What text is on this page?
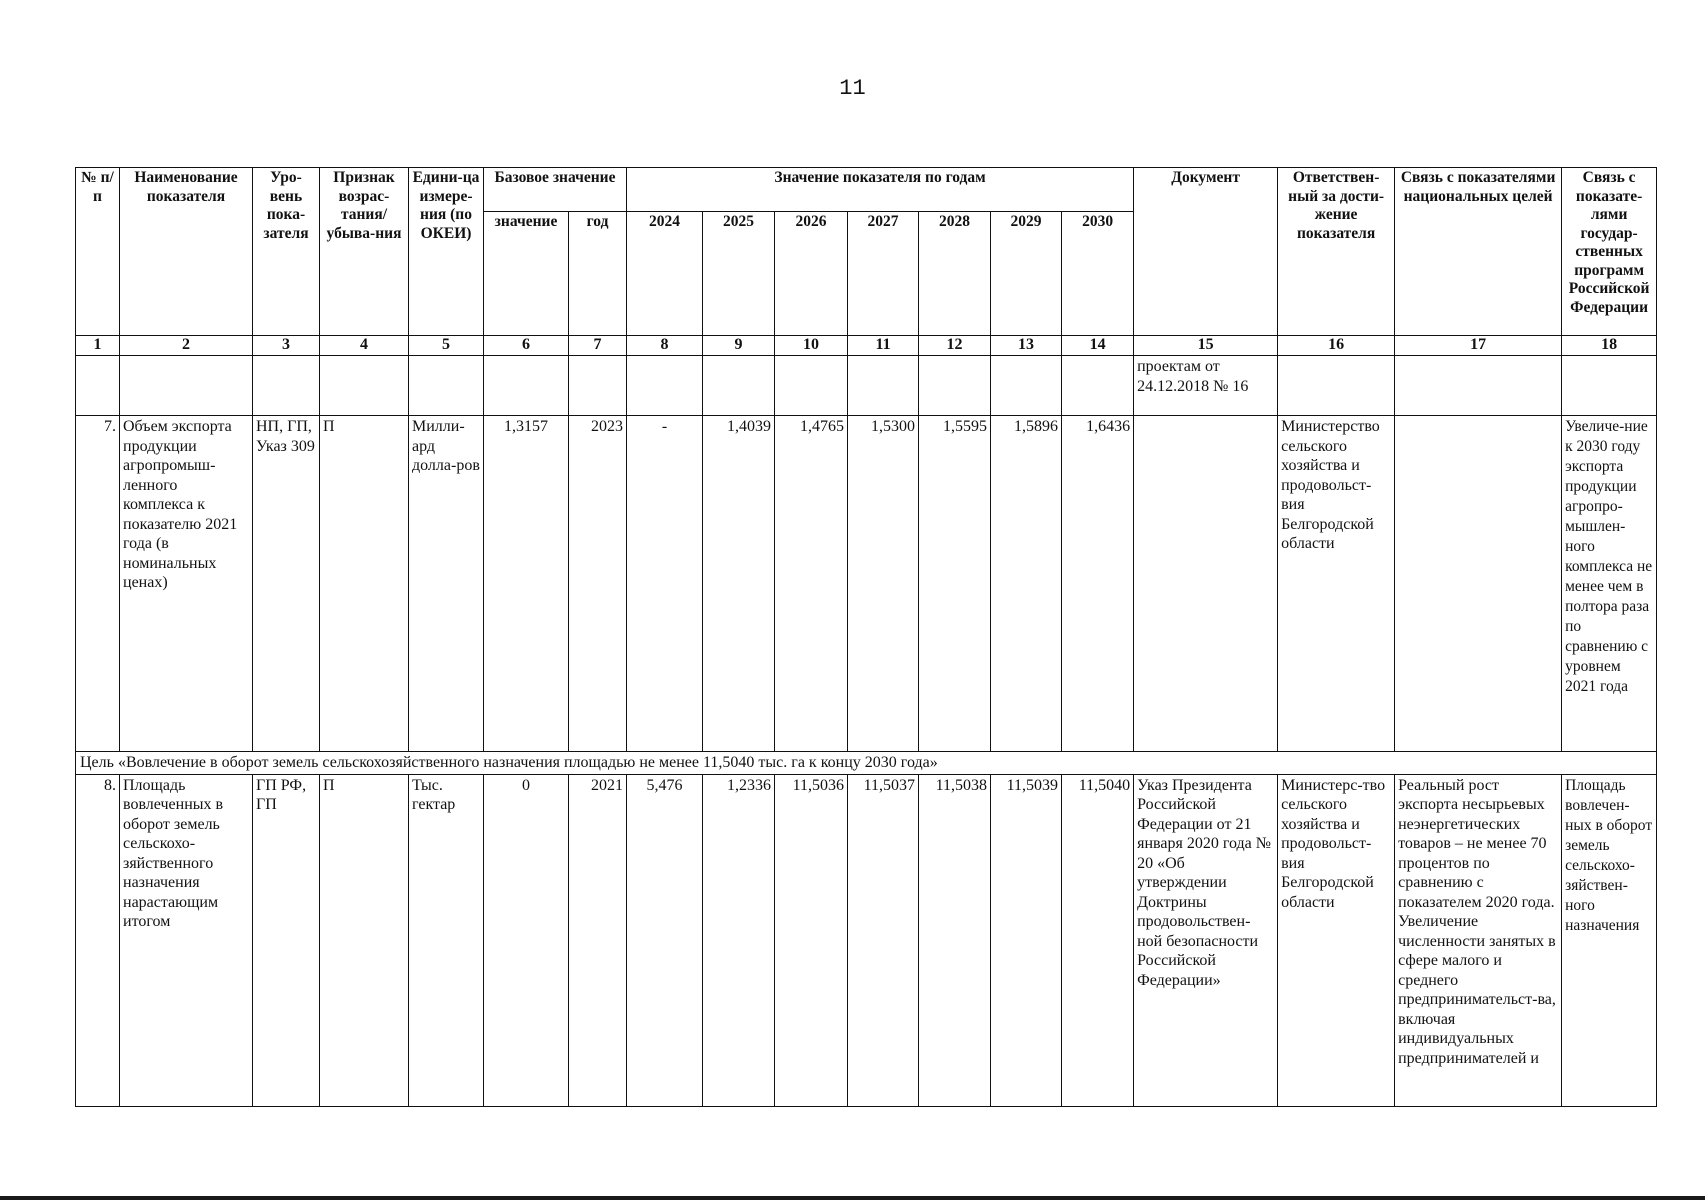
11
№ п/п	Наименование показателя	Уро-вень пока-зателя	Признак возрас-тания/ убыва-ния	Едини-ца измере-ния (по ОКЕИ)	Базовое значение		Значение показателя по годам							Документ	Ответствен-ный за дости-жение показателя	Связь с показателями национальных целей	Связь с показате-лями государ-ственных программ Российской Федерации
					значение	год	2024	2025	2026	2027	2028	2029	2030				
1	2	3	4	5	6	7	8	9	10	11	12	13	14	15	16	17	18
														проектам от 24.12.2018 № 16			
7.	Объем экспорта продукции агропромыш-ленного комплекса к показателю 2021 года (в номинальных ценах)	НП, ГП, Указ 309	П	Милли-ард долла-ров	1,3157	2023	-	1,4039	1,4765	1,5300	1,5595	1,5896	1,6436		Министерство сельского хозяйства и продовольст-вия Белгородской области		Увеличе-ние к 2030 году экспорта продукции агропро-мышлен-ного комплекса не менее чем в полтора раза по сравнению с уровнем 2021 года
Цель «Вовлечение в оборот земель сельскохозяйственного назначения площадью не менее 11,5040 тыс. га к концу 2030 года»																	
8.	Площадь вовлеченных в оборот земель сельскохо-зяйственного назначения нарастающим итогом	ГП РФ, ГП	П	Тыс. гектар	0	2021	5,476	1,2336	11,5036	11,5037	11,5038	11,5039	11,5040	Указ Президента Российской Федерации от 21 января 2020 года № 20 «Об утверждении Доктрины продовольствен-ной безопасности Российской Федерации»	Министерс-тво сельского хозяйства и продовольст-вия Белгородской области	Реальный рост экспорта несырьевых неэнергетических товаров – не менее 70 процентов по сравнению с показателем 2020 года. Увеличение численности занятых в сфере малого и среднего предпринимательст-ва, включая индивидуальных предпринимателей и	Площадь вовлечен-ных в оборот земель сельскохо-зяйствен-ного назначения
